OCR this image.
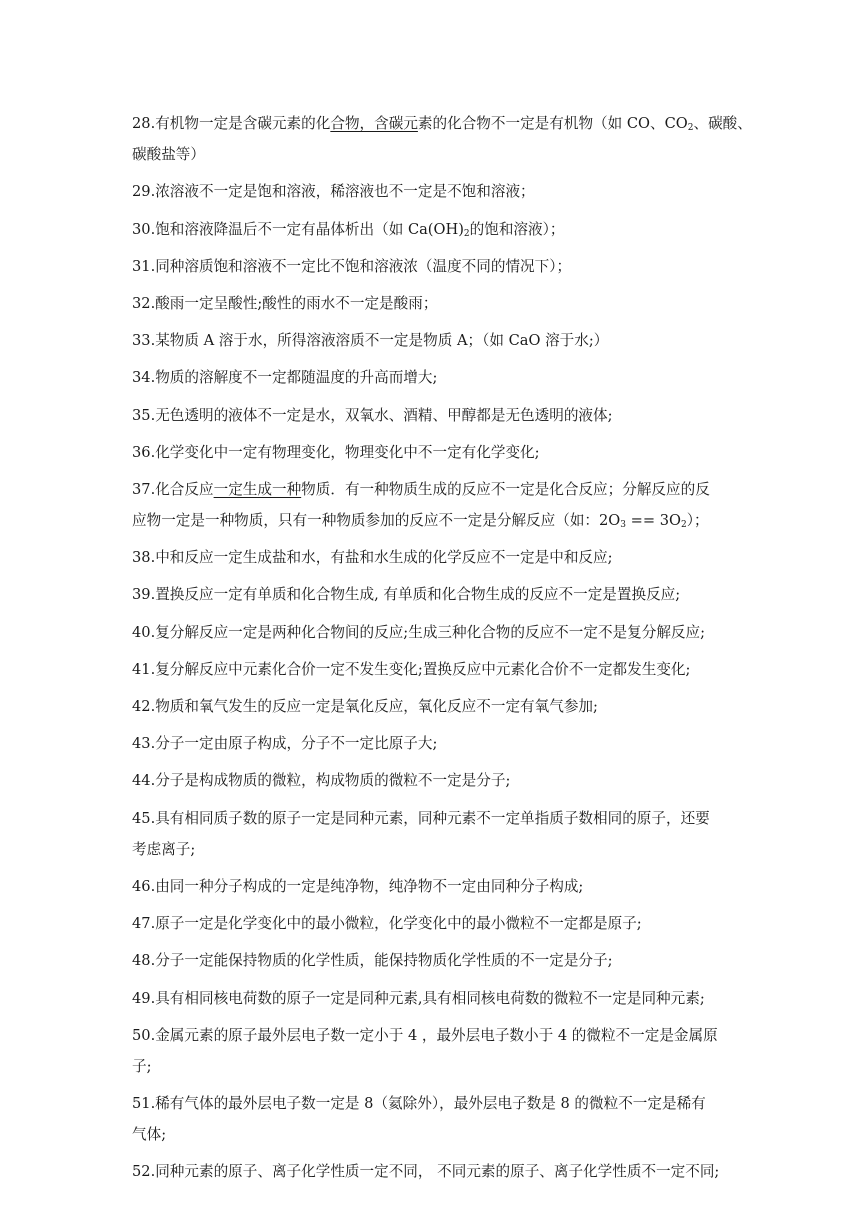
28.有机物一定是含碳元素的化合物，含碳元素的化合物不一定是有机物（如 CO、$CO_2$、碳酸、
碳酸盐等）
29.浓溶液不一定是饱和溶液，稀溶液也不一定是不饱和溶液；
30.饱和溶液降温后不一定有晶体析出（如 $Ca(OH)_2$的饱和溶液）；
31.同种溶质饱和溶液不一定比不饱和溶液浓（温度不同的情况下）；
32.酸雨一定呈酸性;酸性的雨水不一定是酸雨；
33.某物质 A 溶于水，所得溶液溶质不一定是物质 A；（如 CaO 溶于水;）
34.物质的溶解度不一定都随温度的升高而增大;
35.无色透明的液体不一定是水，双氧水、酒精、甲醇都是无色透明的液体;
36.化学变化中一定有物理变化，物理变化中不一定有化学变化;
37.化合反应一定生成一种物质．有一种物质生成的反应不一定是化合反应；分解反应的反
应物一定是一种物质，只有一种物质参加的反应不一定是分解反应（如：$2O_3 == 3O_2$）；
38.中和反应一定生成盐和水，有盐和水生成的化学反应不一定是中和反应;
39.置换反应一定有单质和化合物生成, 有单质和化合物生成的反应不一定是置换反应;
40.复分解反应一定是两种化合物间的反应;生成三种化合物的反应不一定不是复分解反应;
41.复分解反应中元素化合价一定不发生变化;置换反应中元素化合价不一定都发生变化;
42.物质和氧气发生的反应一定是氧化反应，氧化反应不一定有氧气参加;
43.分子一定由原子构成，分子不一定比原子大;
44.分子是构成物质的微粒，构成物质的微粒不一定是分子;
45.具有相同质子数的原子一定是同种元素，同种元素不一定单指质子数相同的原子，还要
考虑离子;
46.由同一种分子构成的一定是纯净物，纯净物不一定由同种分子构成;
47.原子一定是化学变化中的最小微粒，化学变化中的最小微粒不一定都是原子;
48.分子一定能保持物质的化学性质，能保持物质化学性质的不一定是分子;
49.具有相同核电荷数的原子一定是同种元素,具有相同核电荷数的微粒不一定是同种元素;
50.金属元素的原子最外层电子数一定小于 4 ，最外层电子数小于 4 的微粒不一定是金属原
子;
51.稀有气体的最外层电子数一定是 8（氦除外），最外层电子数是 8 的微粒不一定是稀有
气体;
52.同种元素的原子、离子化学性质一定不同， 不同元素的原子、离子化学性质不一定不同;
